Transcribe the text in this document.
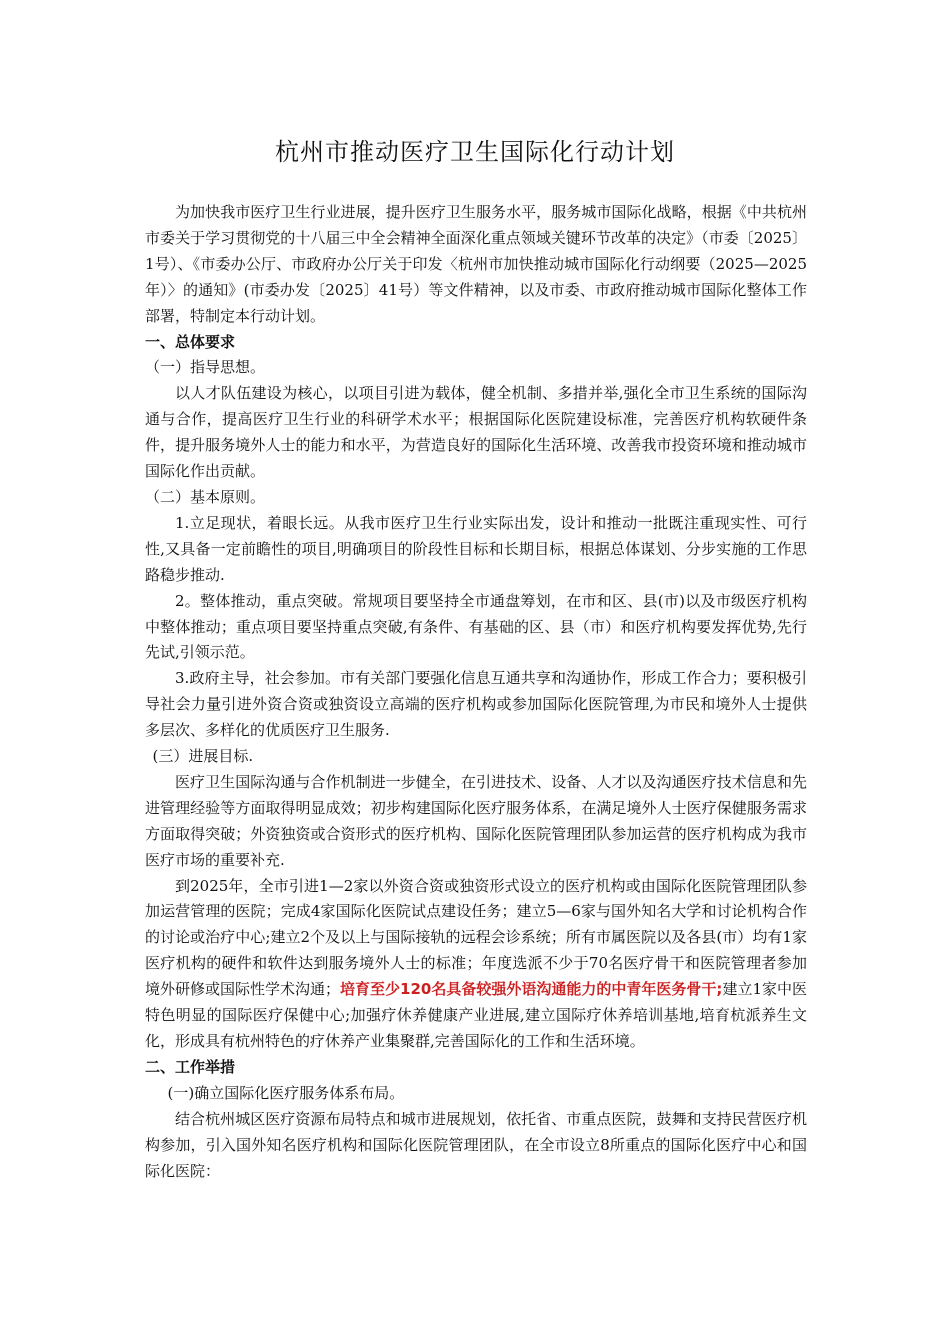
杭州市推动医疗卫生国际化行动计划

为加快我市医疗卫生行业进展，提升医疗卫生服务水平，服务城市国际化战略，根据《中共杭州市委关于学习贯彻党的十八届三中全会精神全面深化重点领域关键环节改革的决定》（市委〔2025〕1号）、《市委办公厅、市政府办公厅关于印发〈杭州市加快推动城市国际化行动纲要（2025—2025年）〉的通知》(市委办发〔2025〕41号）等文件精神，以及市委、市政府推动城市国际化整体工作部署，特制定本行动计划。

一、总体要求

（一）指导思想。

以人才队伍建设为核心，以项目引进为载体，健全机制、多措并举,强化全市卫生系统的国际沟通与合作，提高医疗卫生行业的科研学术水平；根据国际化医院建设标准，完善医疗机构软硬件条件，提升服务境外人士的能力和水平，为营造良好的国际化生活环境、改善我市投资环境和推动城市国际化作出贡献。

（二）基本原则。

1.立足现状，着眼长远。从我市医疗卫生行业实际出发，设计和推动一批既注重现实性、可行性,又具备一定前瞻性的项目,明确项目的阶段性目标和长期目标，根据总体谋划、分步实施的工作思路稳步推动.

2。整体推动，重点突破。常规项目要坚持全市通盘筹划，在市和区、县(市)以及市级医疗机构中整体推动；重点项目要坚持重点突破,有条件、有基础的区、县（市）和医疗机构要发挥优势,先行先试,引领示范。

3.政府主导，社会参加。市有关部门要强化信息互通共享和沟通协作，形成工作合力；要积极引导社会力量引进外资合资或独资设立高端的医疗机构或参加国际化医院管理,为市民和境外人士提供多层次、多样化的优质医疗卫生服务.

(三）进展目标.

医疗卫生国际沟通与合作机制进一步健全，在引进技术、设备、人才以及沟通医疗技术信息和先进管理经验等方面取得明显成效；初步构建国际化医疗服务体系，在满足境外人士医疗保健服务需求方面取得突破；外资独资或合资形式的医疗机构、国际化医院管理团队参加运营的医疗机构成为我市医疗市场的重要补充.

到2025年，全市引进1—2家以外资合资或独资形式设立的医疗机构或由国际化医院管理团队参加运营管理的医院；完成4家国际化医院试点建设任务；建立5—6家与国外知名大学和讨论机构合作的讨论或治疗中心;建立2个及以上与国际接轨的远程会诊系统；所有市属医院以及各县(市）均有1家医疗机构的硬件和软件达到服务境外人士的标准；年度选派不少于70名医疗骨干和医院管理者参加境外研修或国际性学术沟通；培育至少120名具备较强外语沟通能力的中青年医务骨干;建立1家中医特色明显的国际医疗保健中心;加强疗休养健康产业进展,建立国际疗休养培训基地,培育杭派养生文化，形成具有杭州特色的疗休养产业集聚群,完善国际化的工作和生活环境。

二、工作举措

(一)确立国际化医疗服务体系布局。

结合杭州城区医疗资源布局特点和城市进展规划，依托省、市重点医院，鼓舞和支持民营医疗机构参加，引入国外知名医疗机构和国际化医院管理团队，在全市设立8所重点的国际化医疗中心和国际化医院：
